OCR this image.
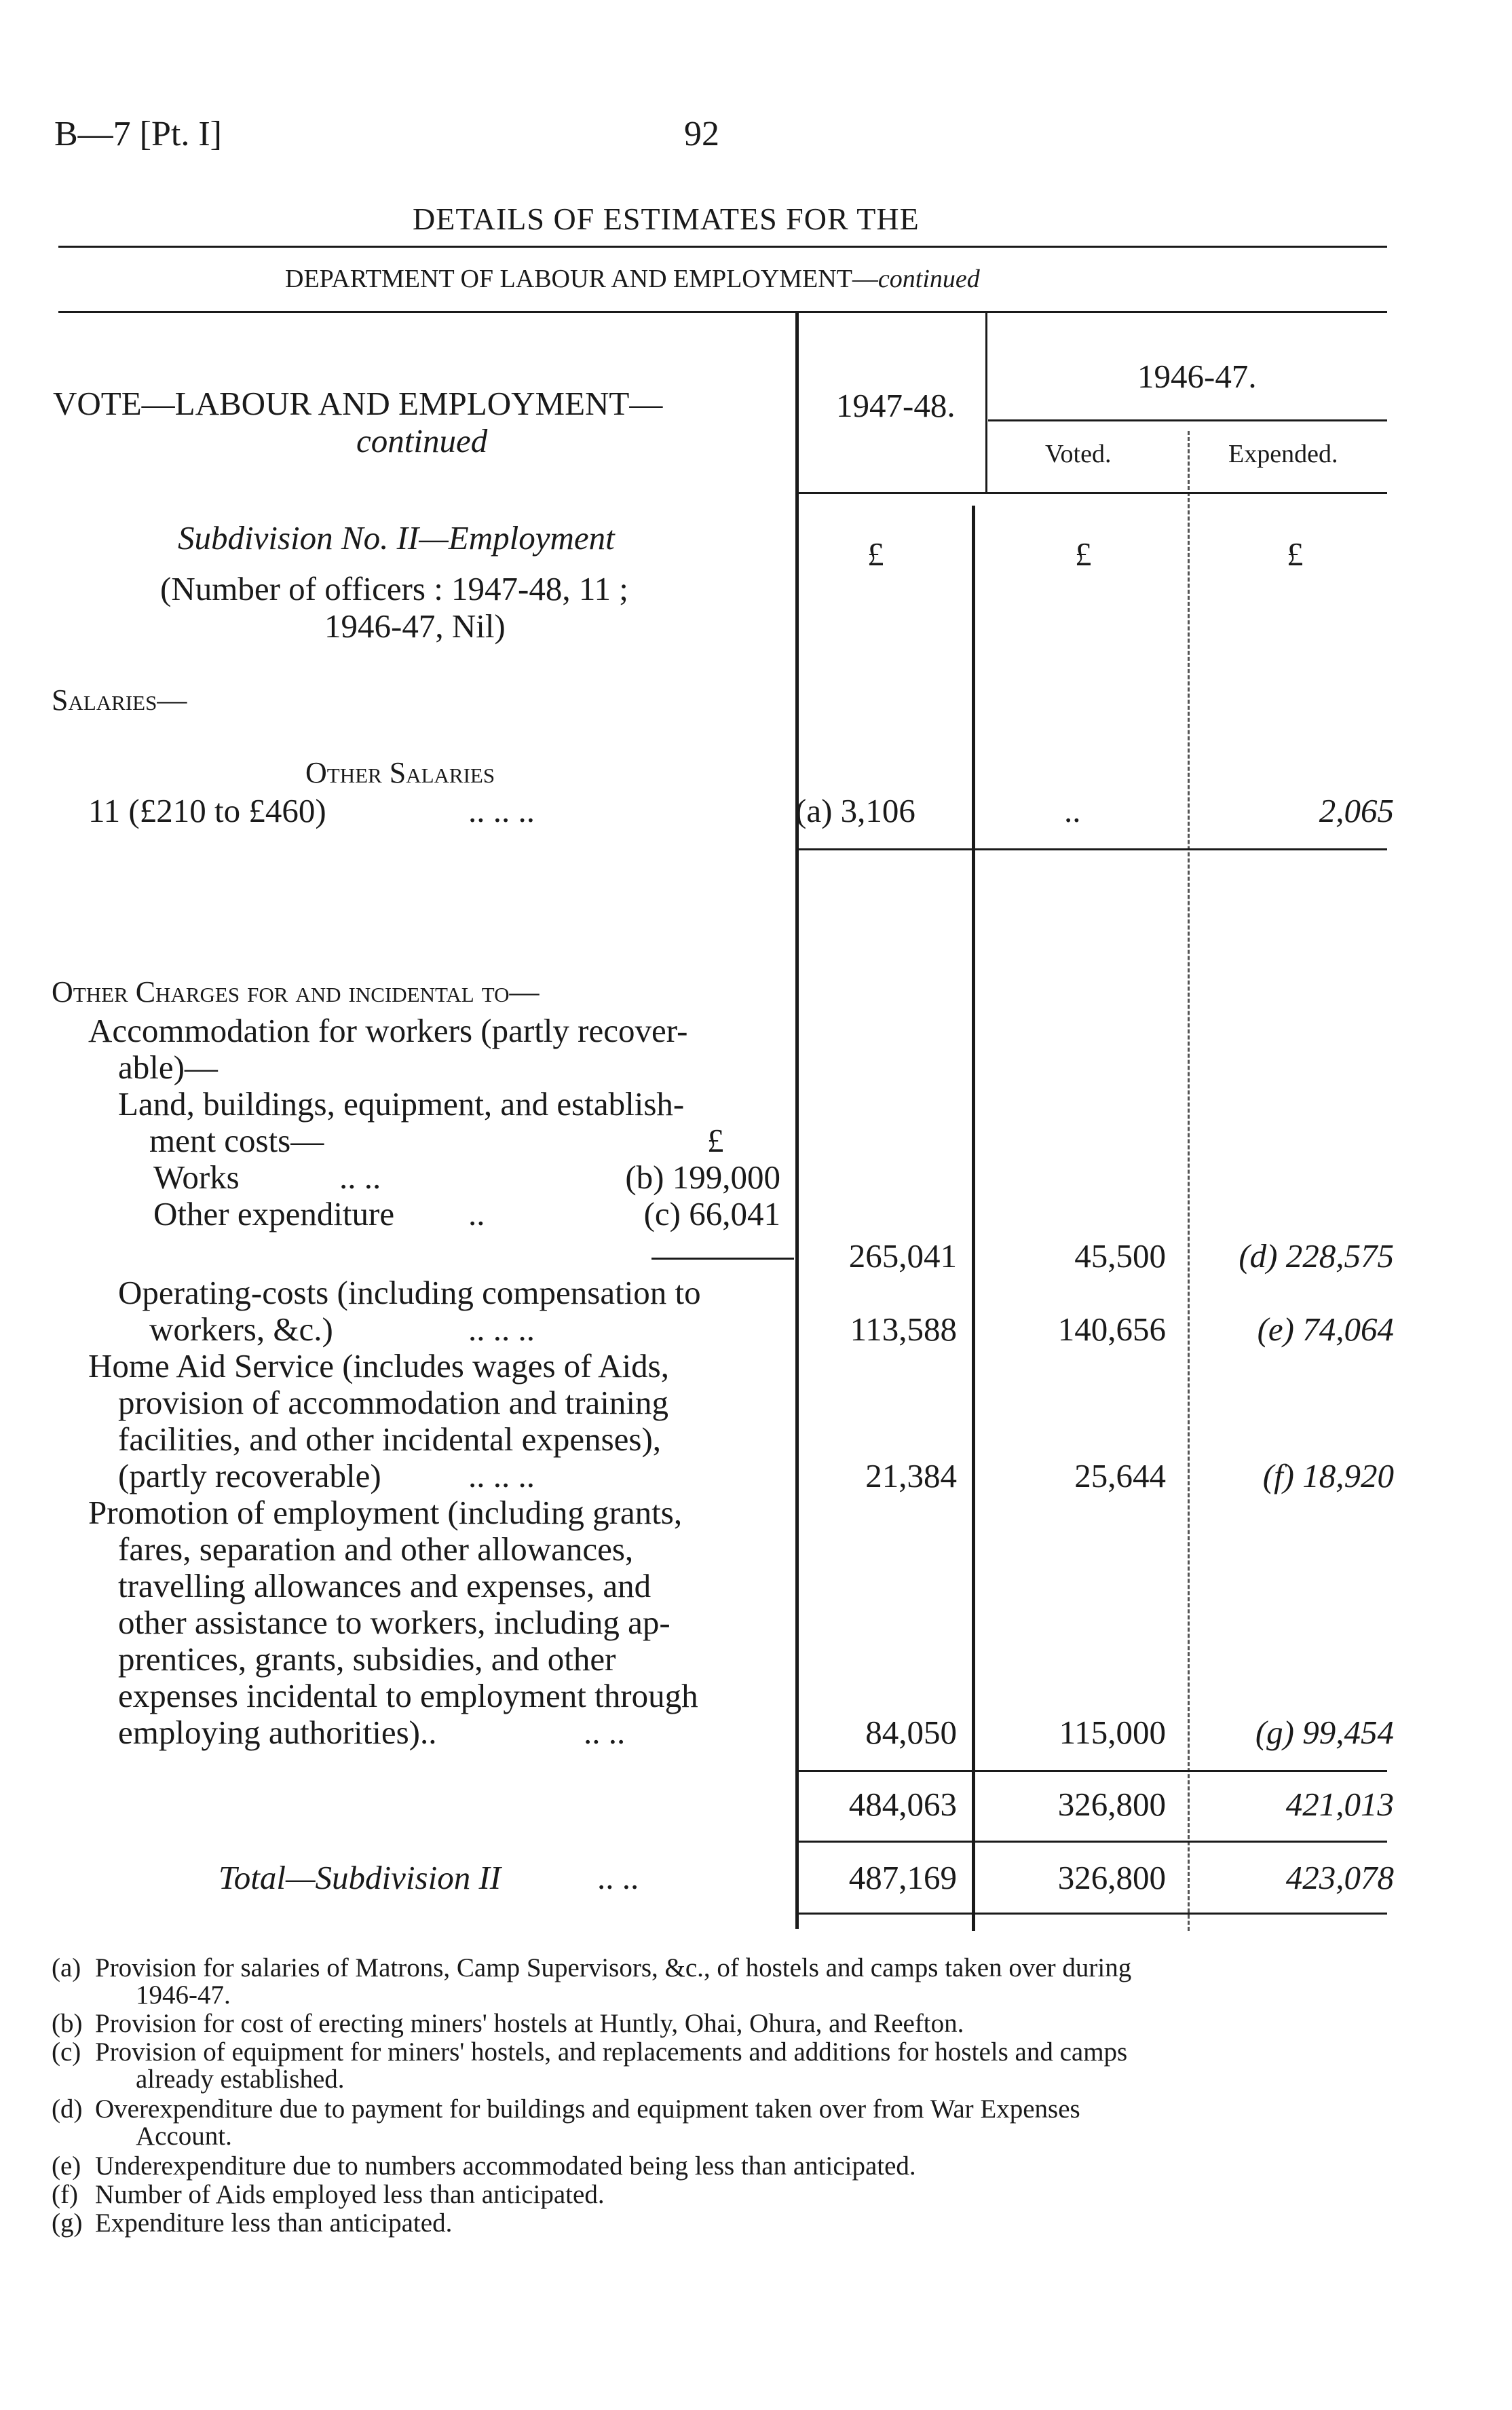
B—7 [Pt. I]	92
DETAILS OF ESTIMATES FOR THE
DEPARTMENT OF LABOUR AND EMPLOYMENT—continued
VOTE—LABOUR AND EMPLOYMENT—
continued
1947-48.
1946-47.
Voted.	Expended.
Subdivision No. II—Employment
(Number of officers : 1947-48, 11 ;
1946-47, Nil)
£	£	£
Salaries—
Other Salaries
11 (£210 to £460)	.. .. ..	(a) 3,106	..	2,065
Other Charges for and incidental to—
Accommodation for workers (partly recover-
able)—
Land, buildings, equipment, and establish-
ment costs—	£
Works	.. ..	(b) 199,000
Other expenditure ..	(c) 66,041
265,041	45,500	(d) 228,575
Operating-costs (including compensation to
workers, &c.)	.. .. ..	113,588	140,656	(e) 74,064
Home Aid Service (includes wages of Aids,
provision of accommodation and training
facilities, and other incidental expenses),
(partly recoverable)	.. .. ..	21,384	25,644	(f) 18,920
Promotion of employment (including grants,
fares, separation and other allowances,
travelling allowances and expenses, and
other assistance to workers, including ap-
prentices, grants, subsidies, and other
expenses incidental to employment through
employing authorities)..	.. ..	84,050	115,000	(g) 99,454
484,063	326,800	421,013
Total—Subdivision II	.. ..	487,169	326,800	423,078
(a) Provision for salaries of Matrons, Camp Supervisors, &c., of hostels and camps taken over during
1946-47.
(b) Provision for cost of erecting miners' hostels at Huntly, Ohai, Ohura, and Reefton.
(c) Provision of equipment for miners' hostels, and replacements and additions for hostels and camps
already established.
(d) Overexpenditure due to payment for buildings and equipment taken over from War Expenses
Account.
(e) Underexpenditure due to numbers accommodated being less than anticipated.
(f) Number of Aids employed less than anticipated.
(g) Expenditure less than anticipated.
